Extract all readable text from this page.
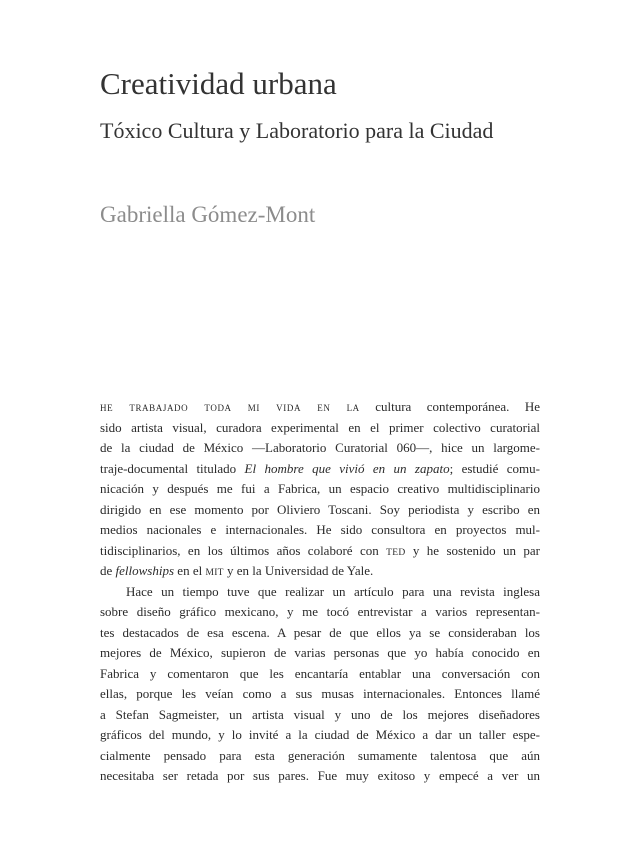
Creatividad urbana
Tóxico Cultura y Laboratorio para la Ciudad
Gabriella Gómez-Mont
he trabajado toda mi vida en la cultura contemporánea. He
sido artista visual, curadora experimental en el primer colectivo curatorial
de la ciudad de México —Laboratorio Curatorial 060—, hice un largome-
traje-documental titulado El hombre que vivió en un zapato; estudié comu-
nicación y después me fui a Fabrica, un espacio creativo multidisciplinario
dirigido en ese momento por Oliviero Toscani. Soy periodista y escribo en
medios nacionales e internacionales. He sido consultora en proyectos mul-
tidisciplinarios, en los últimos años colaboré con TED y he sostenido un par
de fellowships en el MIT y en la Universidad de Yale.
Hace un tiempo tuve que realizar un artículo para una revista inglesa
sobre diseño gráfico mexicano, y me tocó entrevistar a varios representan-
tes destacados de esa escena. A pesar de que ellos ya se consideraban los
mejores de México, supieron de varias personas que yo había conocido en
Fabrica y comentaron que les encantaría entablar una conversación con
ellas, porque les veían como a sus musas internacionales. Entonces llamé
a Stefan Sagmeister, un artista visual y uno de los mejores diseñadores
gráficos del mundo, y lo invité a la ciudad de México a dar un taller espe-
cialmente pensado para esta generación sumamente talentosa que aún
necesitaba ser retada por sus pares. Fue muy exitoso y empecé a ver un
